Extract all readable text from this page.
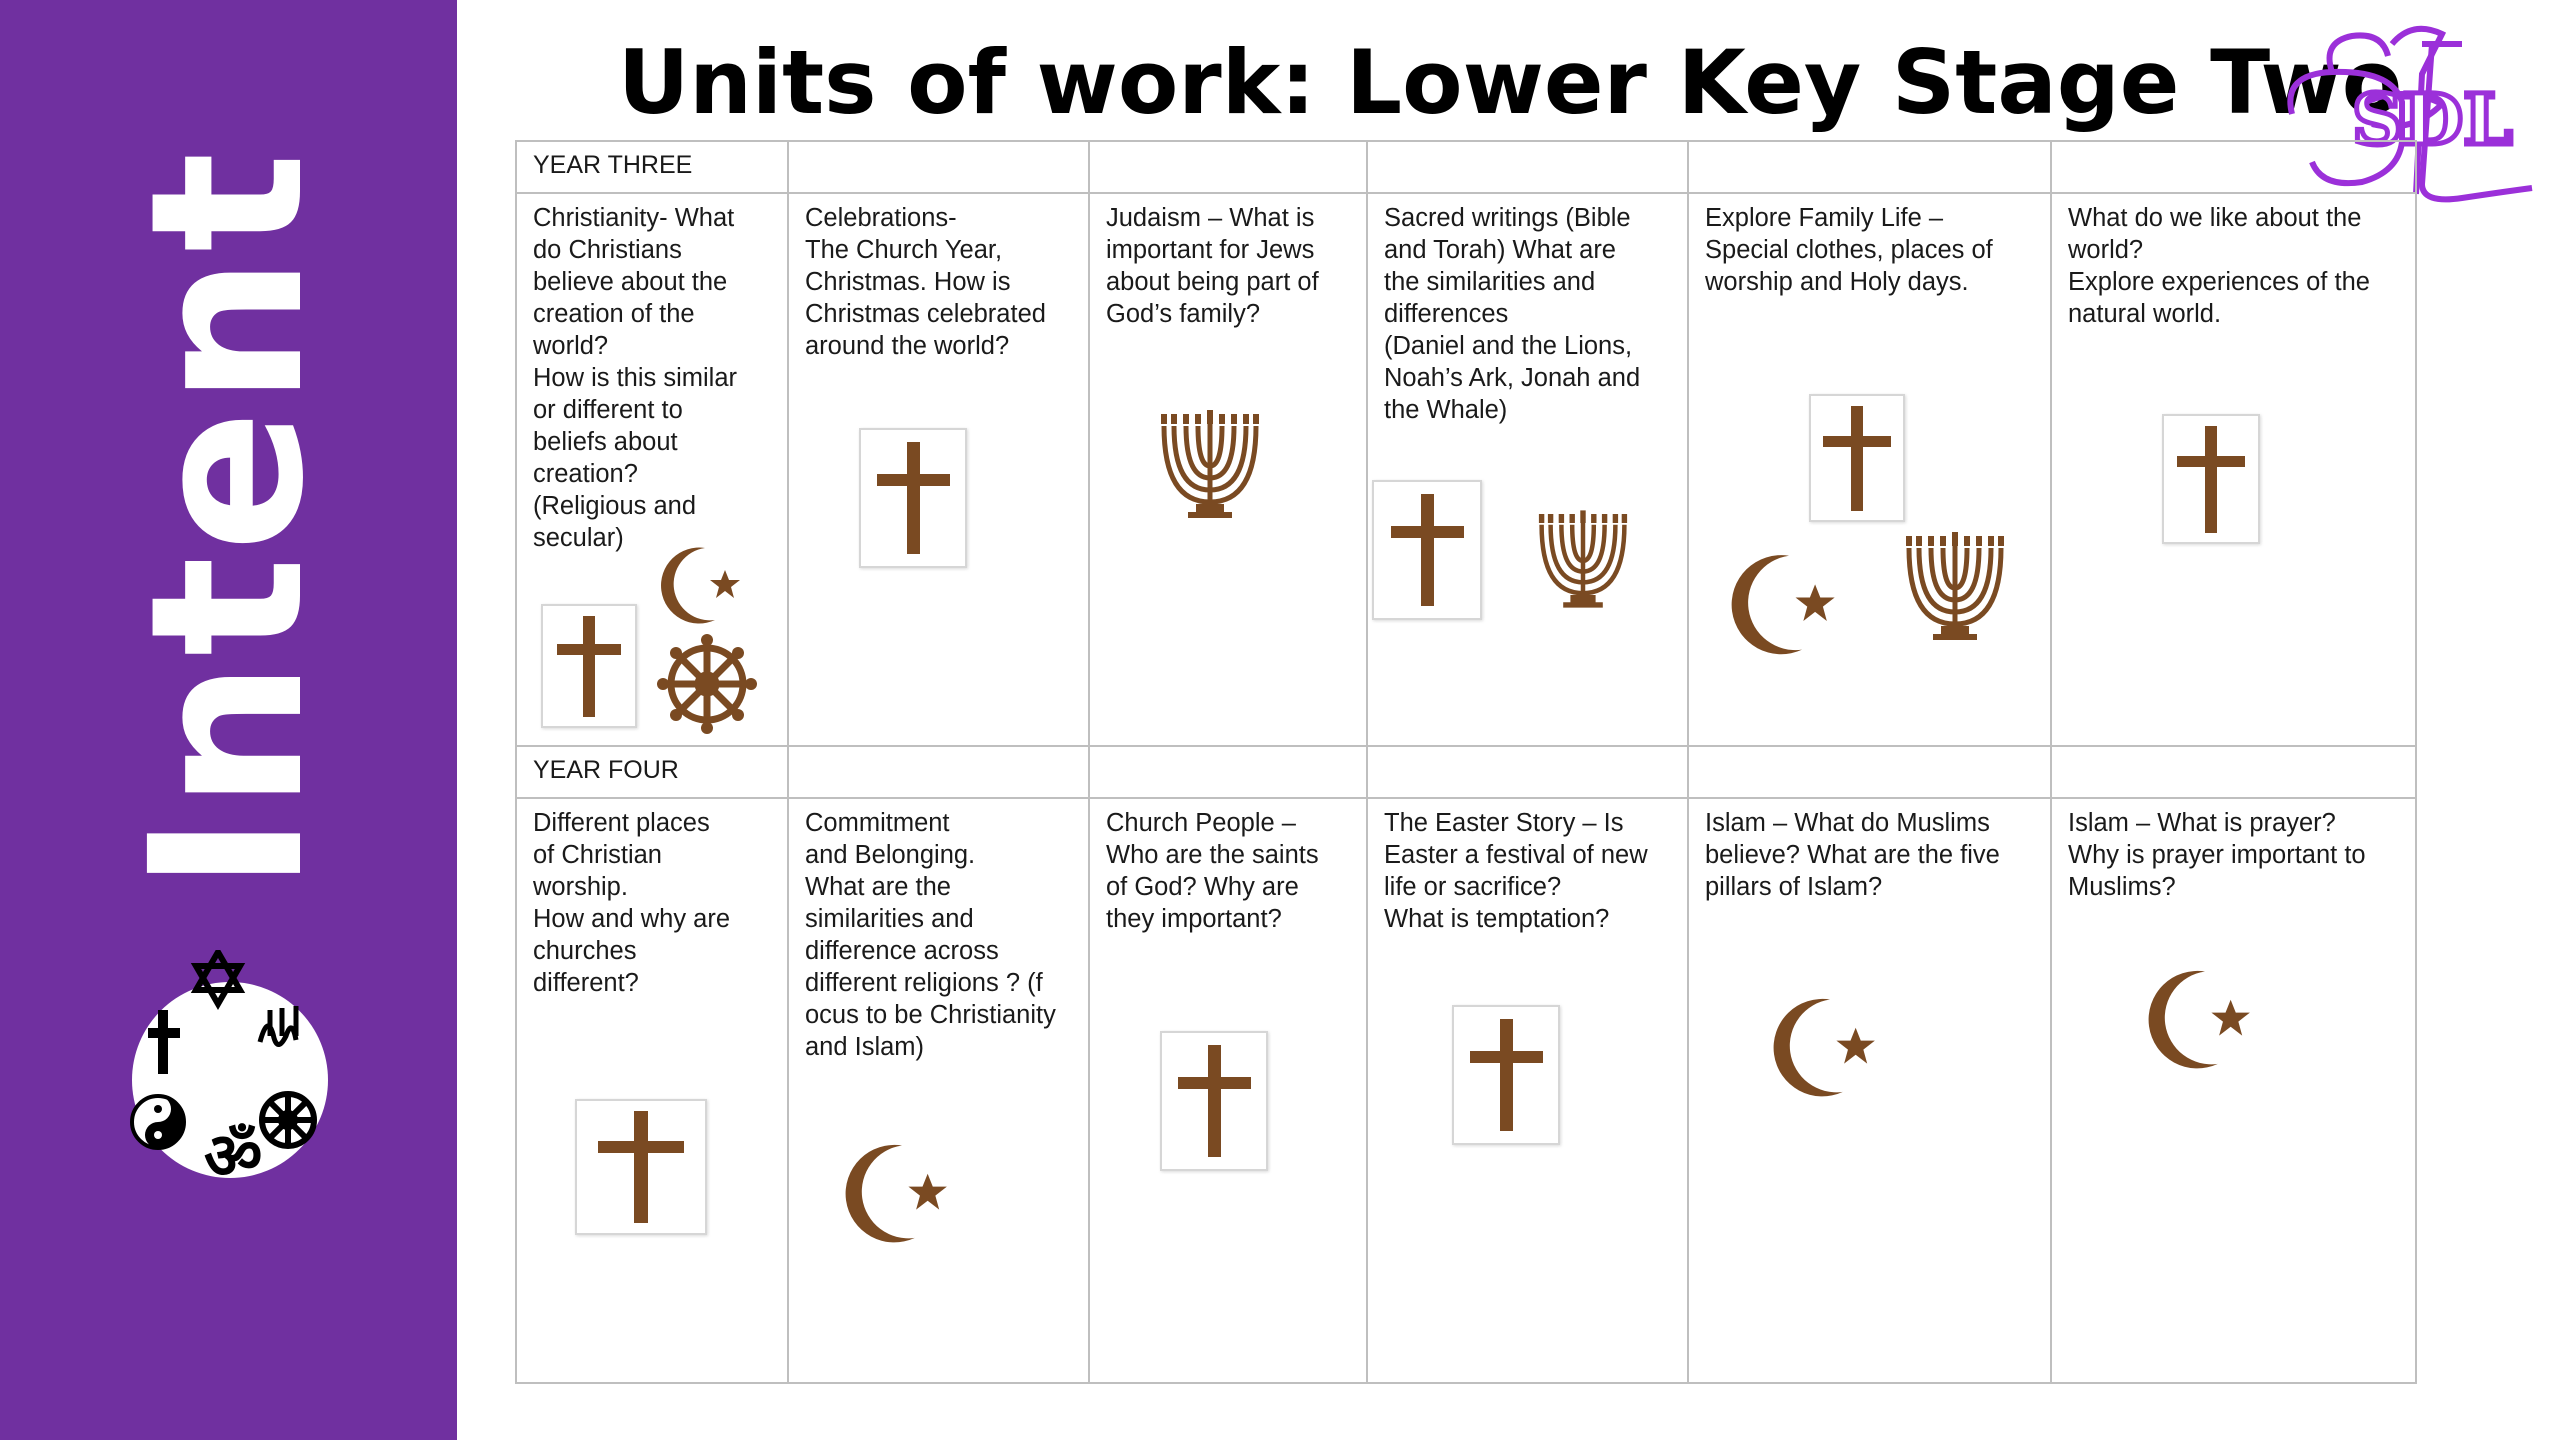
Intent
ॐ
Units of work: Lower Key Stage Two
SDL
YEAR THREE
Christianity- What
do Christians
believe about the
creation of the
world?
How is this similar
or different to
beliefs about
creation?
(Religious and
secular)
Celebrations-
The Church Year,
Christmas. How is
Christmas celebrated
around the world?
Judaism – What is
important for Jews
about being part of
God’s family?
Sacred writings (Bible
and Torah) What are
the similarities and
differences
(Daniel and the Lions,
Noah’s Ark, Jonah and
the Whale)
Explore Family Life –
Special clothes, places of
worship and Holy days.
What do we like about the
world?
Explore experiences of the
natural world.
YEAR FOUR
Different places
of Christian
worship.
How and why are
churches
different?
Commitment
and Belonging.
What are the
similarities and
difference across
different religions ? (f
ocus to be Christianity
and Islam)
Church People –
Who are the saints
of God? Why are
they important?
The Easter Story – Is
Easter a festival of new
life or sacrifice?
What is temptation?
Islam – What do Muslims
believe? What are the five
pillars of Islam?
Islam – What is prayer?
Why is prayer important to
Muslims?
